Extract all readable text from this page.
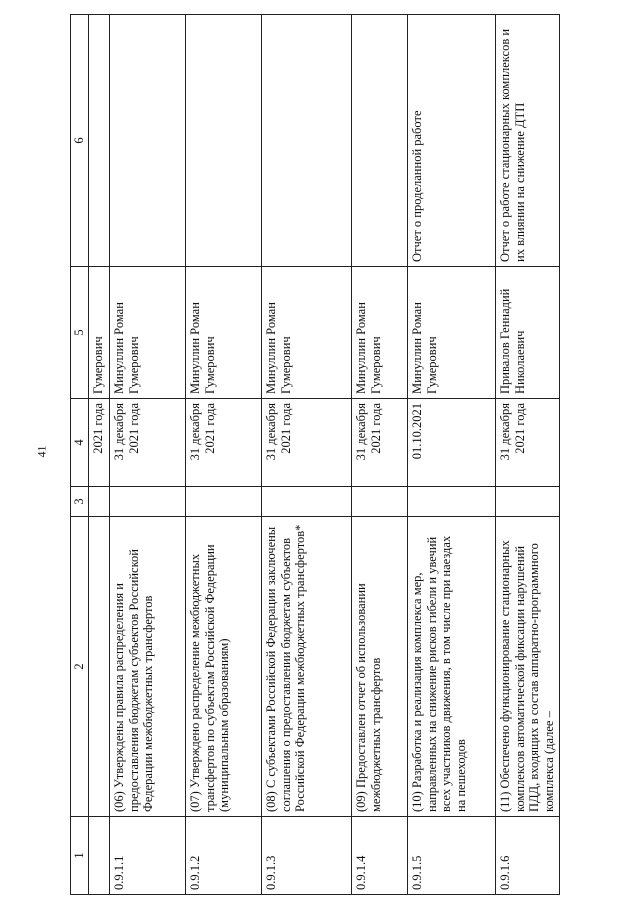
41
1	2	3	4	5	6
			2021 года	Гумерович	
0.9.1.1	(06) Утверждены правила распределения и предоставления бюджетам субъектов Российской Федерации межбюджетных трансфертов		31 декабря 2021 года	Минуллин Роман Гумерович	
0.9.1.2	(07) Утверждено распределение межбюджетных трансфертов по субъектам Российской Федерации (муниципальным образованиям)		31 декабря 2021 года	Минуллин Роман Гумерович	
0.9.1.3	(08) С субъектами Российской Федерации заключены соглашения о предоставлении бюджетам субъектов Российской Федерации межбюджетных трансфертов*		31 декабря 2021 года	Минуллин Роман Гумерович	
0.9.1.4	(09) Предоставлен отчет об использовании межбюджетных трансфертов		31 декабря 2021 года	Минуллин Роман Гумерович	
0.9.1.5	(10) Разработка и реализация комплекса мер, направленных на снижение рисков гибели и увечий всех участников движения, в том числе при наездах на пешеходов		01.10.2021	Минуллин Роман Гумерович	Отчет о проделанной работе
0.9.1.6	(11) Обеспечено функционирование стационарных комплексов автоматической фиксации нарушений ПДД, входящих в состав аппаратно-программного комплекса (далее –		31 декабря 2021 года	Привалов Геннадий Николаевич	Отчет о работе стационарных комплексов и их влиянии на снижение ДТП
